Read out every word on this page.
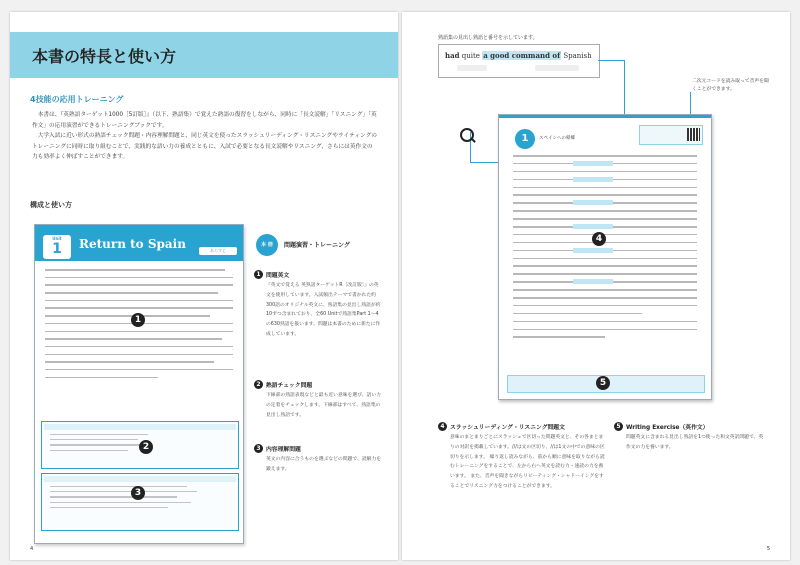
本書の特長と使い方
4技能の応用トレーニング

本書は、『英熟語ターゲット1000［5訂版］』（以下、熟語集）で覚えた熟語の復習をしながら、同時に「長文読解」「リスニング」「英作文」の応用演習ができるトレーニングブックです。

大学入試に近い形式の熟語チェック問題・内容理解問題と、同じ英文を使ったスラッシュリーディング・リスニングやライティングのトレーニングに同時に取り組むことで、実践的な語い力の養成とともに、入試で必要となる長文読解やリスニング、さらには英作文の力も効率よく伸ばすことができます。

構成と使い方
Unit
1	Return to Spain	あらすじ
1
2
3
本 冊	問題演習・トレーニング
1 問題英文
『英文で覚える 英熟語ターゲットR［改訂版］』の英文を使用しています。入試頻出テーマで書かれた約300語のオリジナル英文に、熟語集の見出し熟語が約10ずつ含まれており、全60 Unitで熟語集Part 1〜4の630熟語を扱います。問題は本書のために新たに作成しています。
2 熟語チェック問題
下線部の熟語表現などと最も近い意味を選び、語い力の定着をチェックします。下線部はすべて、熟語集の見出し熟語です。
3 内容理解問題
英文の内容に合うものを選ぶなどの問題で、読解力を鍛えます。
4
熟語集の見出し熟語と番号を示しています。
had quite a good command of Spanish
二次元コードを読み取って音声を聞くことができます。
1	スペインへの帰郷
4
5
4 スラッシュリーディング・リスニング問題文
意味のまとまりごとにスラッシュで区切った問題英文と、その各まとまりの対訳を掲載しています。///は文の区切り、//は1文の中での意味の区切りを示します。 繰り返し読みながら、前から順に意味を取りながら読むトレーニングをすることで、左から右へ英文を読む力・速読の力を養います。 また、音声を聞きながらリピーティング・シャドーイングをすることでリスニング力をつけることができます。
5 Writing Exercise（英作文）
問題英文に含まれる見出し熟語を1つ使った和文英訳問題で、英作文の力を養います。
5
